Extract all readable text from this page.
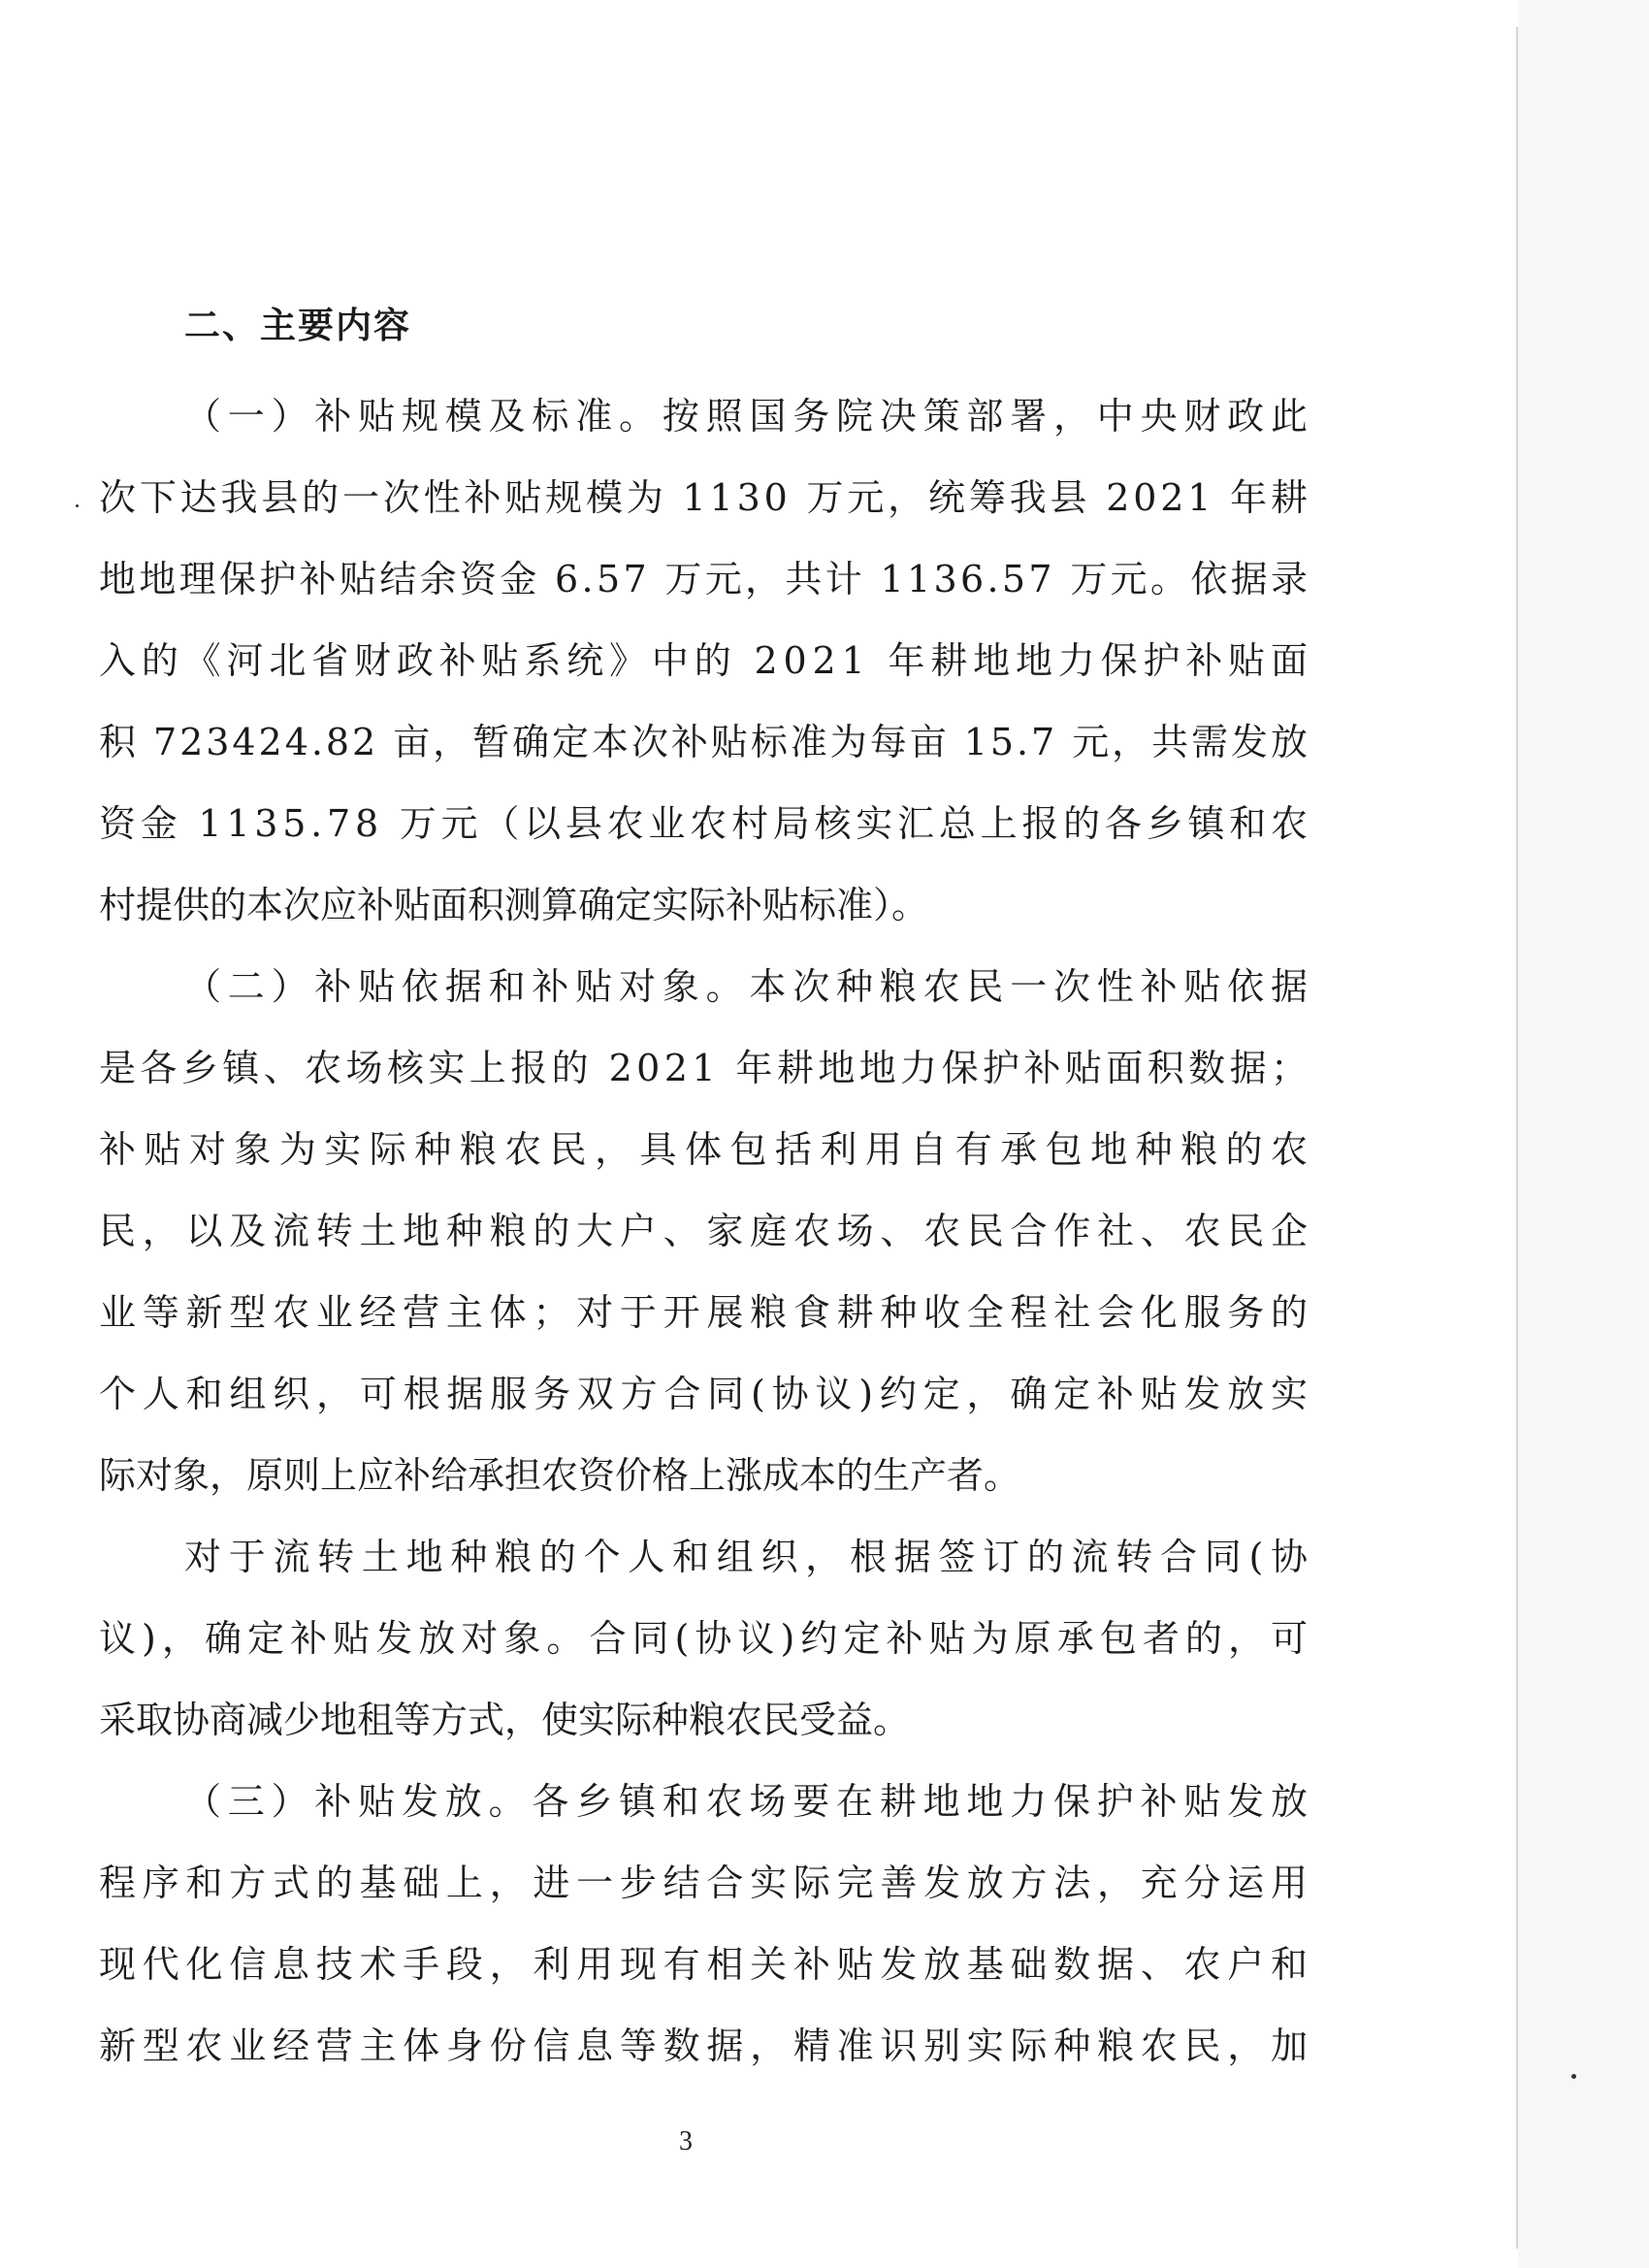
二、主要内容
（一）补贴规模及标准。按照国务院决策部署，中央财政此
次下达我县的一次性补贴规模为 1130 万元，统筹我县 2021 年耕
地地理保护补贴结余资金 6.57 万元，共计 1136.57 万元。依据录
入的《河北省财政补贴系统》中的 2021 年耕地地力保护补贴面
积 723424.82 亩，暂确定本次补贴标准为每亩 15.7 元，共需发放
资金 1135.78 万元（以县农业农村局核实汇总上报的各乡镇和农
村提供的本次应补贴面积测算确定实际补贴标准）。
（二）补贴依据和补贴对象。本次种粮农民一次性补贴依据
是各乡镇、农场核实上报的 2021 年耕地地力保护补贴面积数据；
补贴对象为实际种粮农民，具体包括利用自有承包地种粮的农
民，以及流转土地种粮的大户、家庭农场、农民合作社、农民企
业等新型农业经营主体；对于开展粮食耕种收全程社会化服务的
个人和组织，可根据服务双方合同(协议)约定，确定补贴发放实
际对象，原则上应补给承担农资价格上涨成本的生产者。
对于流转土地种粮的个人和组织，根据签订的流转合同(协
议)，确定补贴发放对象。合同(协议)约定补贴为原承包者的，可
采取协商减少地租等方式，使实际种粮农民受益。
（三）补贴发放。各乡镇和农场要在耕地地力保护补贴发放
程序和方式的基础上，进一步结合实际完善发放方法，充分运用
现代化信息技术手段，利用现有相关补贴发放基础数据、农户和
新型农业经营主体身份信息等数据，精准识别实际种粮农民，加
3
